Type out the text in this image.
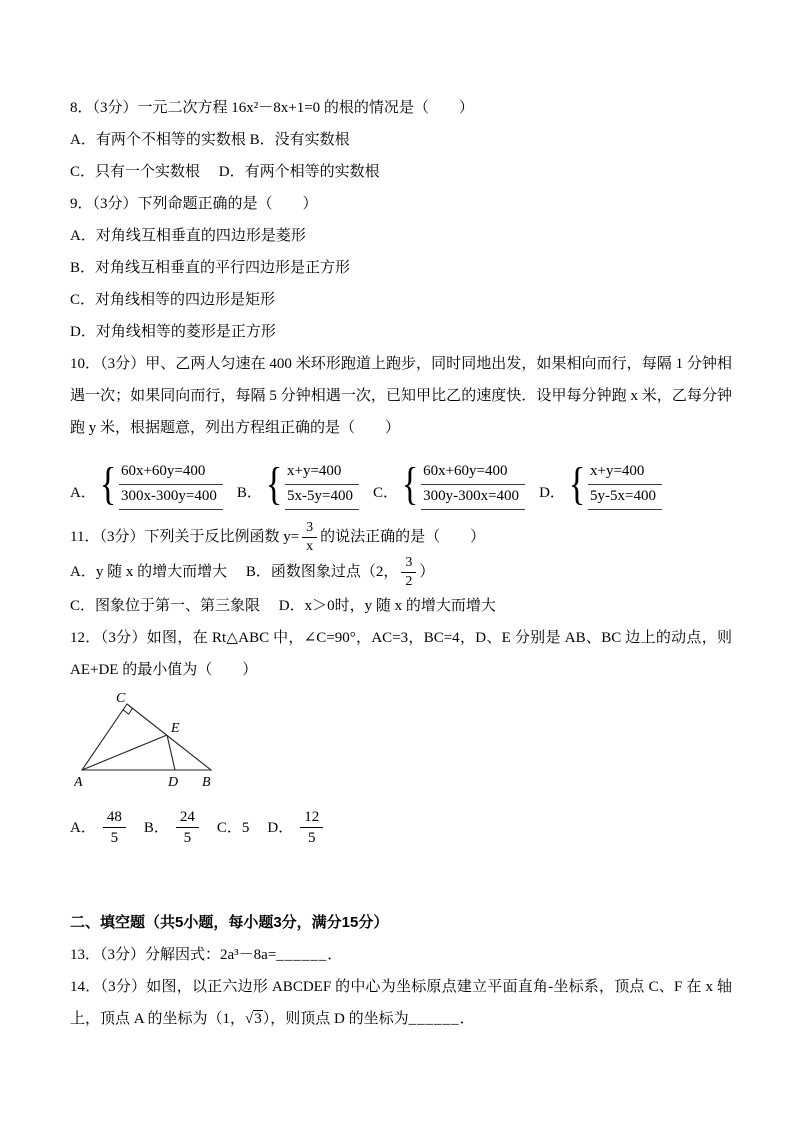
8．（3分）一元二次方程 16x²－8x+1=0 的根的情况是（　　）

A．有两个不相等的实数根 B．没有实数根

C．只有一个实数根　 D．有两个相等的实数根

9．（3分）下列命题正确的是（　　）

A．对角线互相垂直的四边形是菱形

B．对角线互相垂直的平行四边形是正方形

C．对角线相等的四边形是矩形

D．对角线相等的菱形是正方形

10．（3分）甲、乙两人匀速在 400 米环形跑道上跑步，同时同地出发，如果相向而行，每隔 1 分钟相遇一次；如果同向而行，每隔 5 分钟相遇一次，已知甲比乙的速度快．设甲每分钟跑 x 米，乙每分钟跑 y 米，根据题意，列出方程组正确的是（　　）

A． { 60x+60y=400
300x-300y=400	B． { x+y=400
5x-5y=400	C． { 60x+60y=400
300y-300x=400	D． { x+y=400
5y-5x=400

11．（3分）下列关于反比例函数 $y= \frac{3}{x}$ 的说法正确的是（　　）

A．y 随 x 的增大而增大　 B．函数图象过点（2， $\frac{3}{2}$ ）

C．图象位于第一、第三象限　 D．x＞0时，y 随 x 的增大而增大

12．（3分）如图，在 Rt△ABC 中，∠C=90°，AC=3，BC=4，D、E 分别是 AB、BC 边上的动点，则 AE+DE 的最小值为（　　）

C
E
A	D B
A． $\frac{48}{5}$ B． $\frac{24}{5}$ C．5 D． $\frac{12}{5}$

二、填空题（共5小题，每小题3分，满分15分）

13．（3分）分解因式：2a³－8a=______．

14．（3分）如图，以正六边形 ABCDEF 的中心为坐标原点建立平面直角-坐标系，顶点 C、F 在 x 轴上，顶点 A 的坐标为（1，√3），则顶点 D 的坐标为______．
